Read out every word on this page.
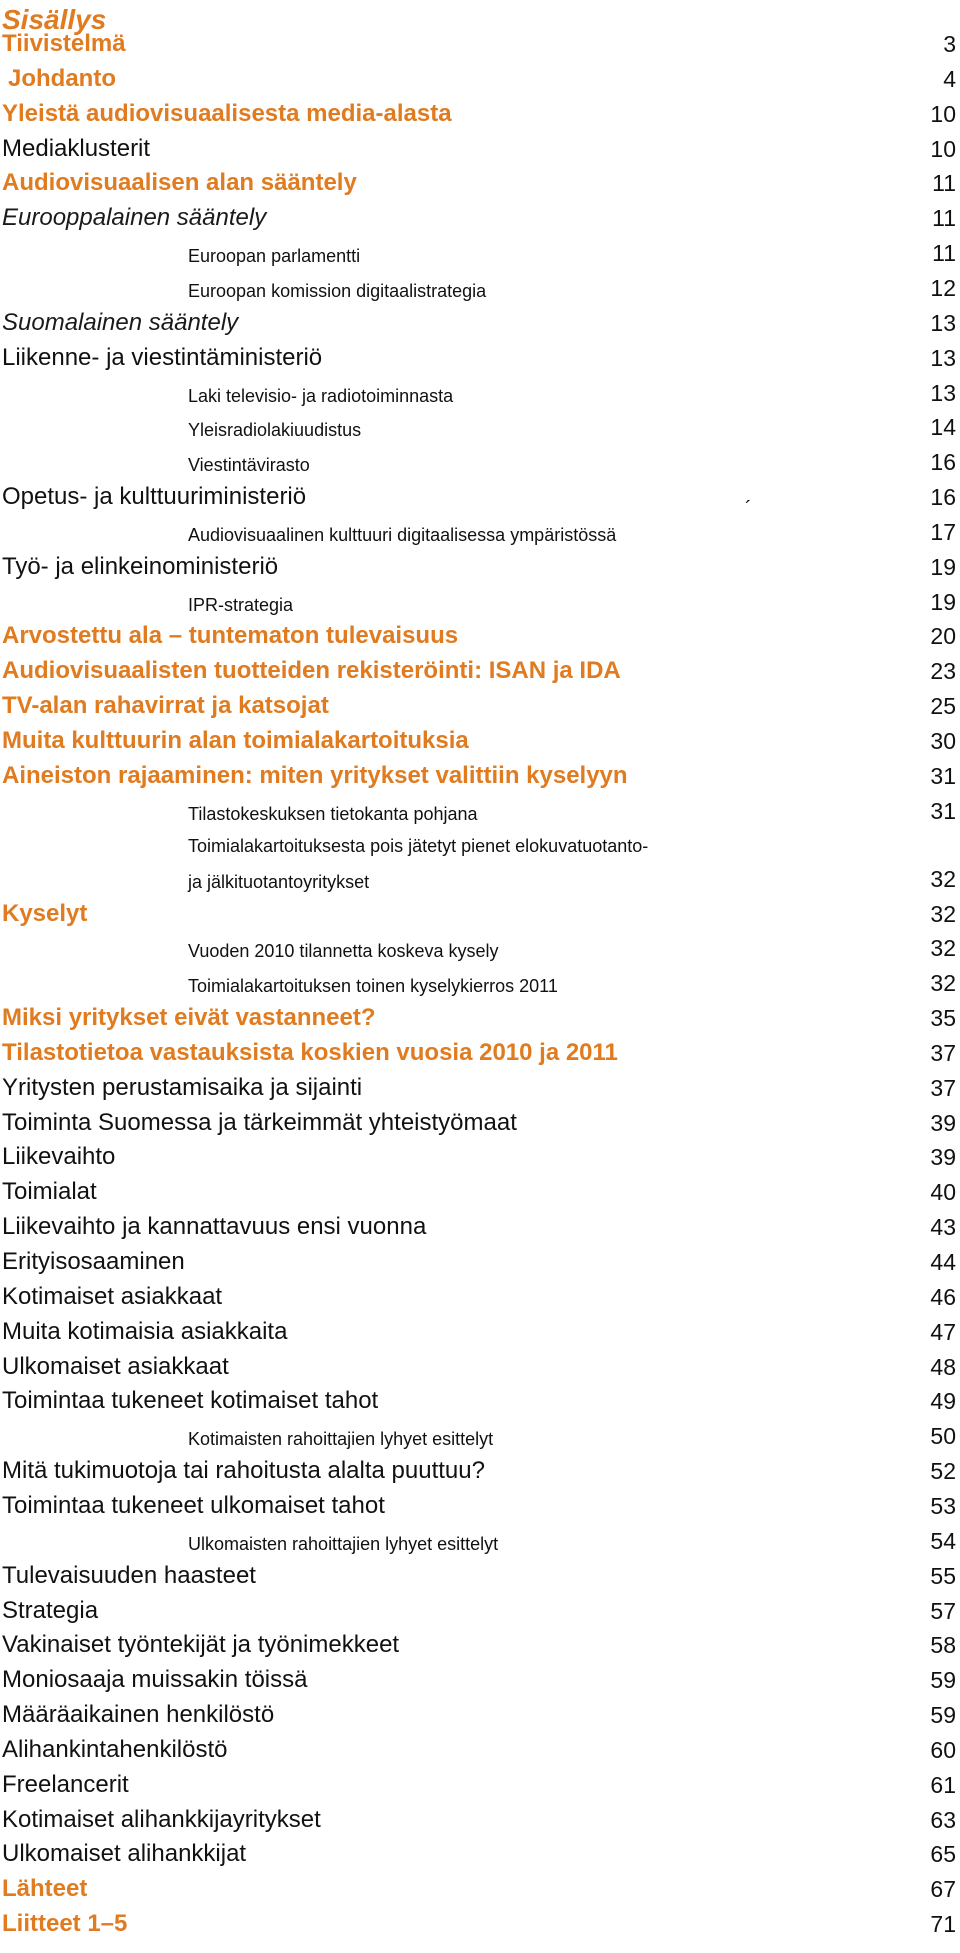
Sisällys
´
Tiivistelmä	3
Johdanto	4
Yleistä audiovisuaalisesta media-alasta	10
Mediaklusterit	10
Audiovisuaalisen alan sääntely	11
Eurooppalainen sääntely	11
Euroopan parlamentti	11
Euroopan komission digitaalistrategia	12
Suomalainen sääntely	13
Liikenne- ja viestintäministeriö	13
Laki televisio- ja radiotoiminnasta	13
Yleisradiolakiuudistus	14
Viestintävirasto	16
Opetus- ja kulttuuriministeriö	16
Audiovisuaalinen kulttuuri digitaalisessa ympäristössä	17
Työ- ja elinkeinoministeriö	19
IPR-strategia	19
Arvostettu ala – tuntematon tulevaisuus	20
Audiovisuaalisten tuotteiden rekisteröinti: ISAN ja IDA	23
TV-alan rahavirrat ja katsojat	25
Muita kulttuurin alan toimialakartoituksia	30
Aineiston rajaaminen: miten yritykset valittiin kyselyyn	31
Tilastokeskuksen tietokanta pohjana	31
Toimialakartoituksesta pois jätetyt pienet elokuvatuotanto-
ja jälkituotantoyritykset	32
Kyselyt	32
Vuoden 2010 tilannetta koskeva kysely	32
Toimialakartoituksen toinen kyselykierros 2011	32
Miksi yritykset eivät vastanneet?	35
Tilastotietoa vastauksista koskien vuosia 2010 ja 2011	37
Yritysten perustamisaika ja sijainti	37
Toiminta Suomessa ja tärkeimmät yhteistyömaat	39
Liikevaihto	39
Toimialat	40
Liikevaihto ja kannattavuus ensi vuonna	43
Erityisosaaminen	44
Kotimaiset asiakkaat	46
Muita kotimaisia asiakkaita	47
Ulkomaiset asiakkaat	48
Toimintaa tukeneet kotimaiset tahot	49
Kotimaisten rahoittajien lyhyet esittelyt	50
Mitä tukimuotoja tai rahoitusta alalta puuttuu?	52
Toimintaa tukeneet ulkomaiset tahot	53
Ulkomaisten rahoittajien lyhyet esittelyt	54
Tulevaisuuden haasteet	55
Strategia	57
Vakinaiset työntekijät ja työnimekkeet	58
Moniosaaja muissakin töissä	59
Määräaikainen henkilöstö	59
Alihankintahenkilöstö	60
Freelancerit	61
Kotimaiset alihankkijayritykset	63
Ulkomaiset alihankkijat	65
Lähteet	67
Liitteet 1–5	71
